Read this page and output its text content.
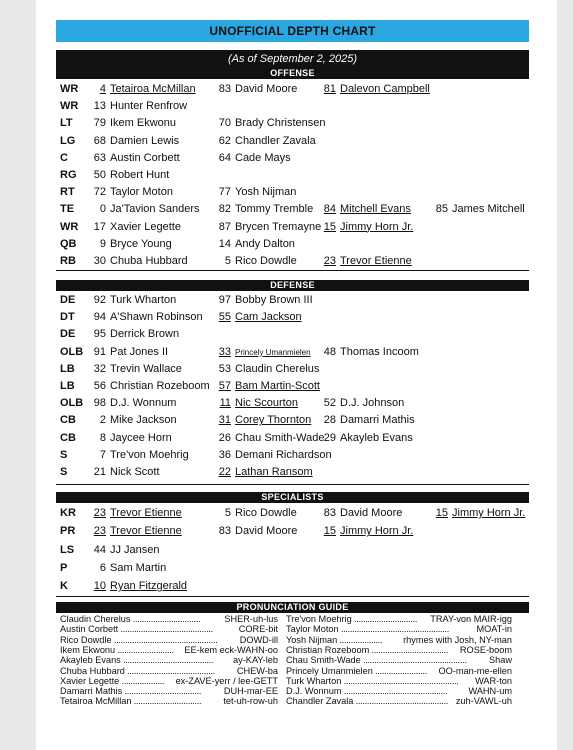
UNOFFICIAL DEPTH CHART
(As of September 2, 2025)
OFFENSE
WR	4 Tetairoa McMillan 83 David Moore 81 Dalevon Campbell
WR	13 Hunter Renfrow
LT	79 Ikem Ekwonu	70 Brady Christensen
LG	68 Damien Lewis	62 Chandler Zavala
C	63 Austin Corbett	64 Cade Mays
RG	50 Robert Hunt
RT	72 Taylor Moton	77 Yosh Nijman
TE	0 Ja'Tavion Sanders 82 Tommy Tremble 84 Mitchell Evans 85 James Mitchell
WR	17 Xavier Legette	87 Brycen Tremayne 15 Jimmy Horn Jr.
QB	9 Bryce Young	14 Andy Dalton
RB	30 Chuba Hubbard	5 Rico Dowdle 23 Trevor Etienne
DEFENSE
DE	92 Turk Wharton	97 Bobby Brown III
DT	94 A'Shawn Robinson 55 Cam Jackson
DE	95 Derrick Brown
OLB 91 Pat Jones II	33 Princely Umanmielen 48 Thomas Incoom
LB	32 Trevin Wallace	53 Claudin Cherelus
LB	56 Christian Rozeboom 57 Bam Martin-Scott
OLB 98 D.J. Wonnum	11 Nic Scourton 52 D.J. Johnson
CB	2 Mike Jackson	31 Corey Thornton 28 Damarri Mathis
CB	8 Jaycee Horn	26 Chau Smith-Wade 29 Akayleb Evans
S	7 Tre'von Moehrig	36 Demani Richardson
S	21 Nick Scott	22 Lathan Ransom
SPECIALISTS
KR	23 Trevor Etienne	5 Rico Dowdle 83 David Moore	15 Jimmy Horn Jr.
PR	23 Trevor Etienne	83 David Moore 15 Jimmy Horn Jr.
LS	44 JJ Jansen
P	6 Sam Martin
K	10 Ryan Fitzgerald
PRONUNCIATION GUIDE
Claudin Cherelus ..............................	SHER-uh-lus
Austin Corbett .........................................	CORE-bit
Rico Dowdle .............................................. DOWD-ill
Ikem Ekwonu ......................... EE-kem eck-WAHN-oo
Akayleb Evans ........................................ ay-KAY-leb
Chuba Hubbard ....................................... CHEW-ba
Xavier Legette ................... ex-ZAVE-yerr / lee-GETT
Damarri Mathis .................................. DUH-mar-EE
Tetairoa McMillan .............................. tet-uh-row-uh
Tre'von Moehrig ............................ TRAY-von MAIR-igg
Taylor Moton ................................................	MOAT-in
Yosh Nijman ................... rhymes with Josh, NY-man
Christian Rozeboom .................................. ROSE-boom
Chau Smith-Wade .............................................. Shaw
Princely Umanmielen ....................... OO-man-me-ellen
Turk Wharton ................................................... WAR-ton
D.J. Wonnum .............................................. WAHN-um
Chandler Zavala ......................................... zuh-VAWL-uh
